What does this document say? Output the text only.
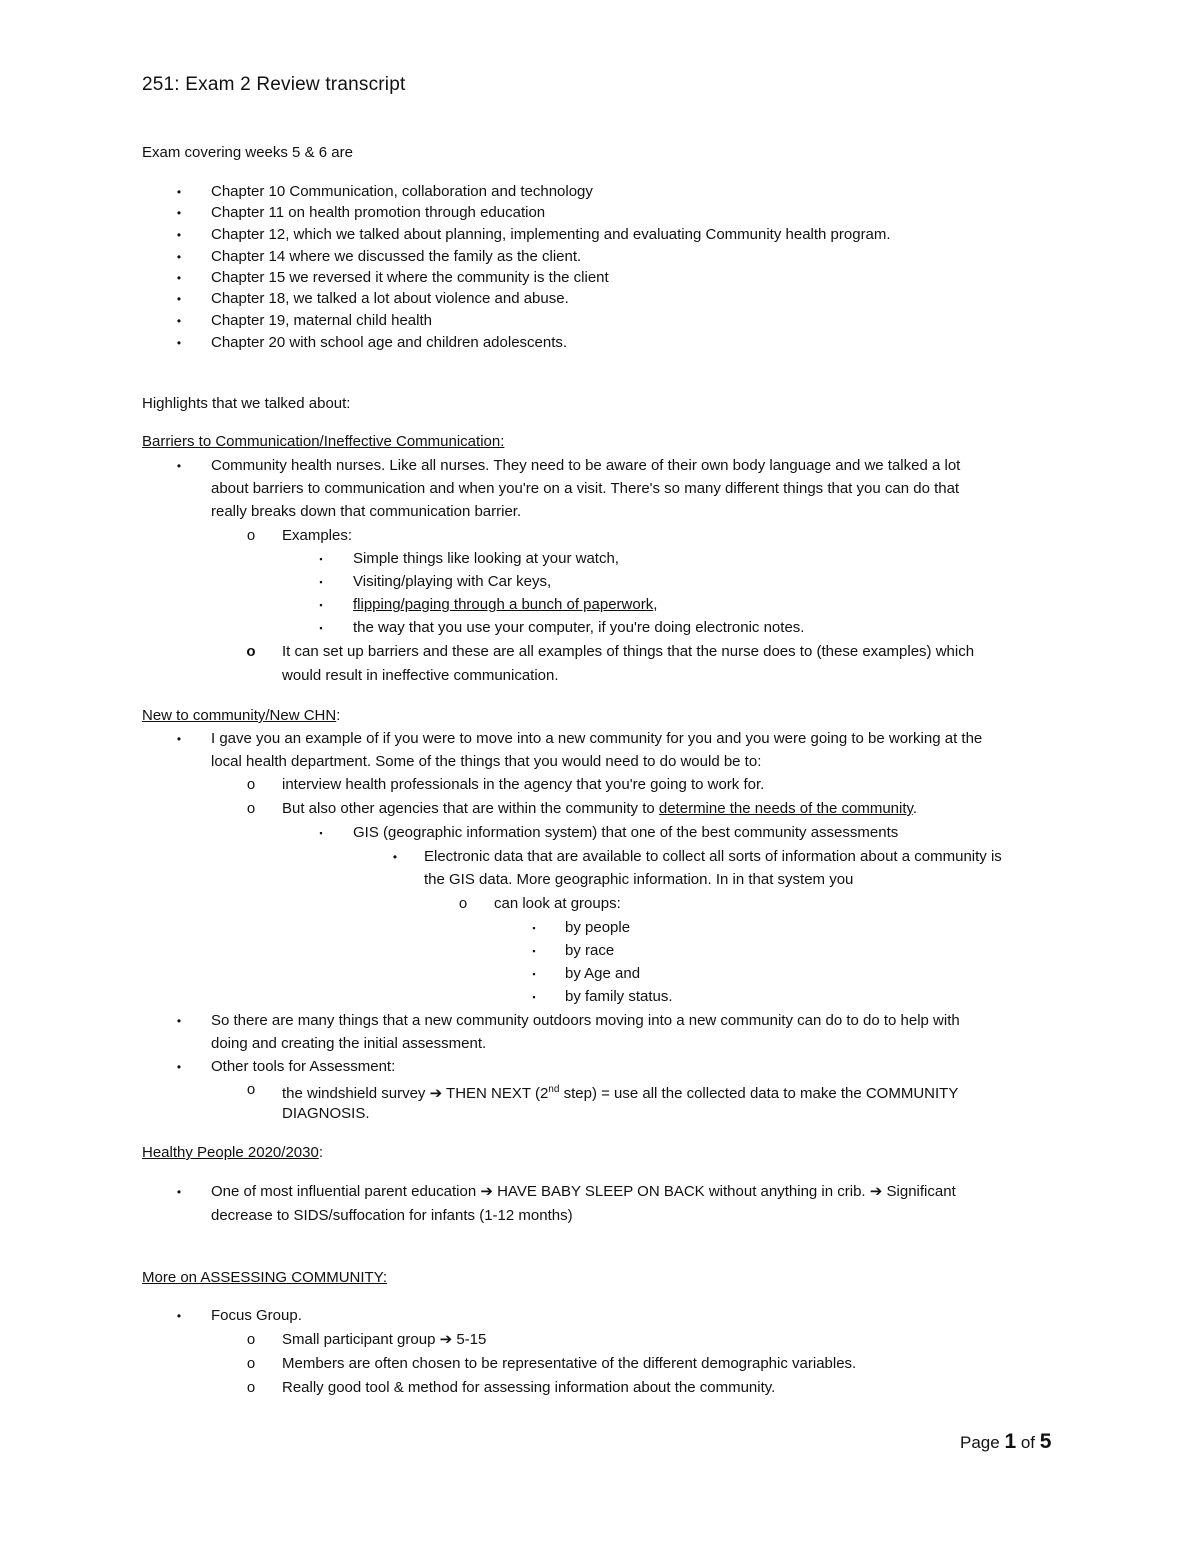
251: Exam 2 Review transcript
Exam covering weeks 5 & 6 are
•	Chapter 10 Communication, collaboration and technology
•	Chapter 11 on health promotion through education
•	Chapter 12, which we talked about planning, implementing and evaluating Community health program.
•	Chapter 14 where we discussed the family as the client.
•	Chapter 15 we reversed it where the community is the client
•	Chapter 18, we talked a lot about violence and abuse.
•	Chapter 19, maternal child health
•	Chapter 20 with school age and children adolescents.
Highlights that we talked about:
Barriers to Communication/Ineffective Communication:
•	Community health nurses. Like all nurses. They need to be aware of their own body language and we talked a lot
about barriers to communication and when you're on a visit. There's so many different things that you can do that
really breaks down that communication barrier.
o Examples:
▪	Simple things like looking at your watch,
▪	Visiting/playing with Car keys,
▪	flipping/paging through a bunch of paperwork,
▪	the way that you use your computer, if you're doing electronic notes.
o It can set up barriers and these are all examples of things that the nurse does to (these examples) which
would result in ineffective communication.
New to community/New CHN:
•	I gave you an example of if you were to move into a new community for you and you were going to be working at the
local health department. Some of the things that you would need to do would be to:
o interview health professionals in the agency that you're going to work for.
o But also other agencies that are within the community to determine the needs of the community.
▪	GIS (geographic information system) that one of the best community assessments
•	Electronic data that are available to collect all sorts of information about a community is
the GIS data. More geographic information. In in that system you
o can look at groups:
▪	by people
▪	by race
▪	by Age and
▪	by family status.
•	So there are many things that a new community outdoors moving into a new community can do to do to help with
doing and creating the initial assessment.
•	Other tools for Assessment:
o the windshield survey ➔ THEN NEXT (2nd step) = use all the collected data to make the COMMUNITY
DIAGNOSIS.
Healthy People 2020/2030:
•	One of most influential parent education ➔ HAVE BABY SLEEP ON BACK without anything in crib. ➔ Significant
decrease to SIDS/suffocation for infants (1-12 months)
More on ASSESSING COMMUNITY:
•	Focus Group.
o Small participant group ➔ 5-15
o Members are often chosen to be representative of the different demographic variables.
o Really good tool & method for assessing information about the community.
Page 1 of 5
